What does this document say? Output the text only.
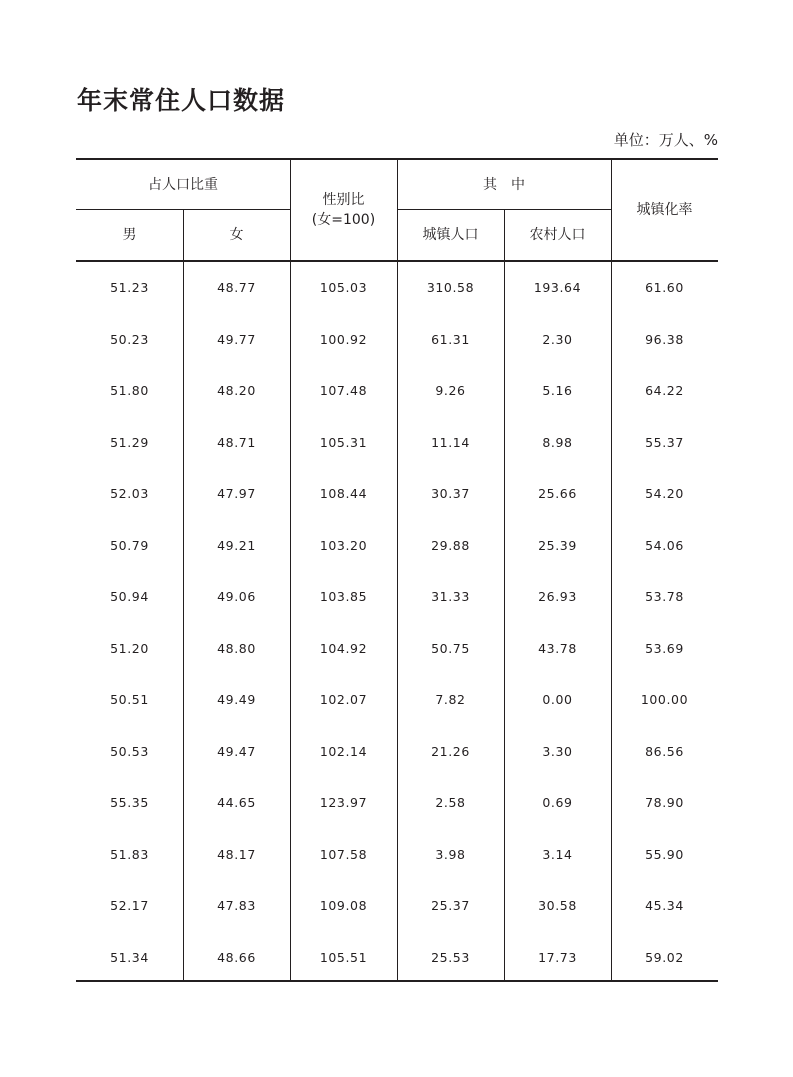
年末常住人口数据
单位：万人、%
占人口比重
男	女
性别比
(女=100)
其　中
城镇人口	农村人口
城镇化率
51.23	48.77	105.03	310.58	193.64	61.60
50.23	49.77	100.92	61.31	2.30	96.38
51.80	48.20	107.48	9.26	5.16	64.22
51.29	48.71	105.31	11.14	8.98	55.37
52.03	47.97	108.44	30.37	25.66	54.20
50.79	49.21	103.20	29.88	25.39	54.06
50.94	49.06	103.85	31.33	26.93	53.78
51.20	48.80	104.92	50.75	43.78	53.69
50.51	49.49	102.07	7.82	0.00	100.00
50.53	49.47	102.14	21.26	3.30	86.56
55.35	44.65	123.97	2.58	0.69	78.90
51.83	48.17	107.58	3.98	3.14	55.90
52.17	47.83	109.08	25.37	30.58	45.34
51.34	48.66	105.51	25.53	17.73	59.02
